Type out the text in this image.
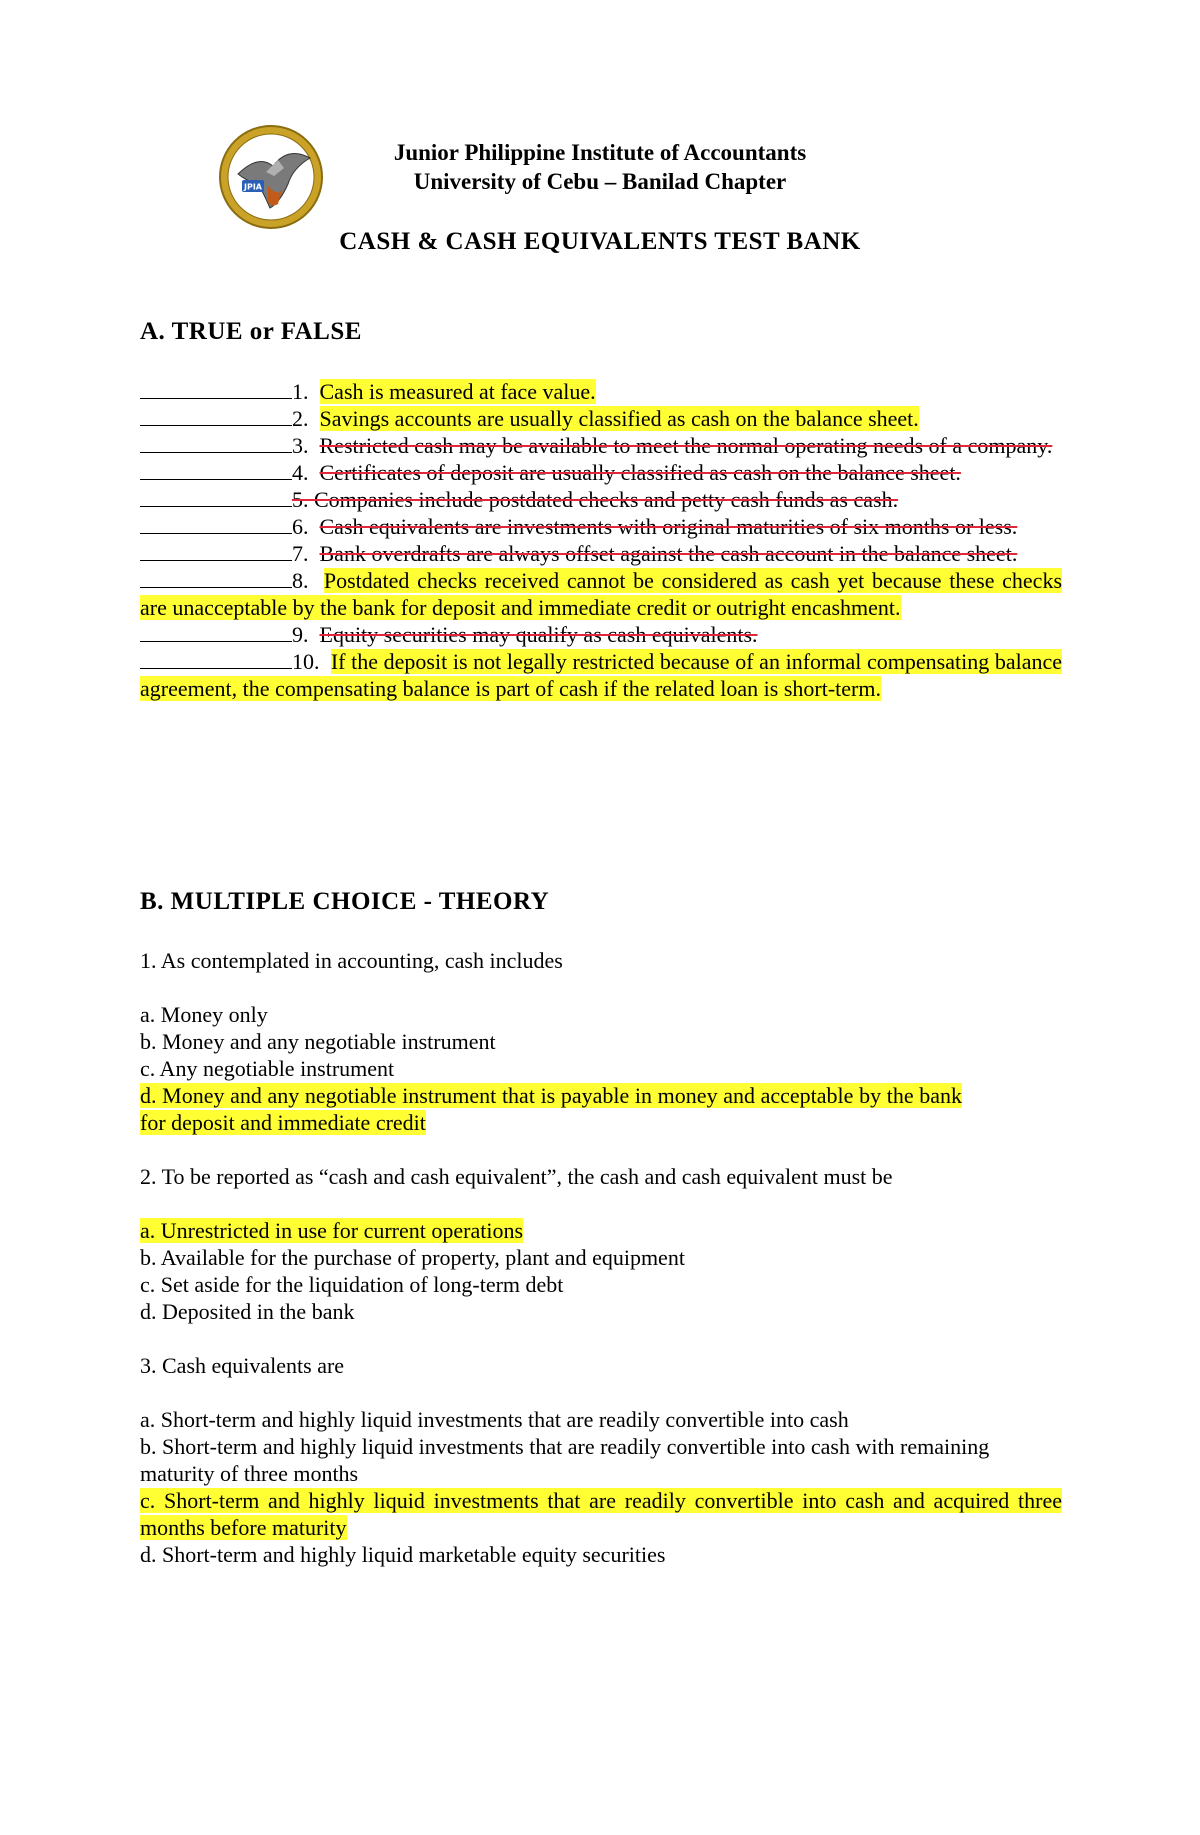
JPIA
Junior Philippine Institute of Accountants
University of Cebu – Banilad Chapter
CASH & CASH EQUIVALENTS TEST BANK
A. TRUE or FALSE

1. Cash is measured at face value.

2. Savings accounts are usually classified as cash on the balance sheet.

3. Restricted cash may be available to meet the normal operating needs of a company.

4. Certificates of deposit are usually classified as cash on the balance sheet.

5. Companies include postdated checks and petty cash funds as cash.

6. Cash equivalents are investments with original maturities of six months or less.

7. Bank overdrafts are always offset against the cash account in the balance sheet.

8. Postdated checks received cannot be considered as cash yet because these checks are unacceptable by the bank for deposit and immediate credit or outright encashment.

9. Equity securities may qualify as cash equivalents.

10. If the deposit is not legally restricted because of an informal compensating balance agreement, the compensating balance is part of cash if the related loan is short-term.

B. MULTIPLE CHOICE - THEORY

1. As contemplated in accounting, cash includes

a. Money only

b. Money and any negotiable instrument

c. Any negotiable instrument

d. Money and any negotiable instrument that is payable in money and acceptable by the bank for deposit and immediate credit

2. To be reported as “cash and cash equivalent”, the cash and cash equivalent must be

a. Unrestricted in use for current operations

b. Available for the purchase of property, plant and equipment

c. Set aside for the liquidation of long-term debt

d. Deposited in the bank

3. Cash equivalents are

a. Short-term and highly liquid investments that are readily convertible into cash

b. Short-term and highly liquid investments that are readily convertible into cash with remaining maturity of three months

c. Short-term and highly liquid investments that are readily convertible into cash and acquired three months before maturity

d. Short-term and highly liquid marketable equity securities
